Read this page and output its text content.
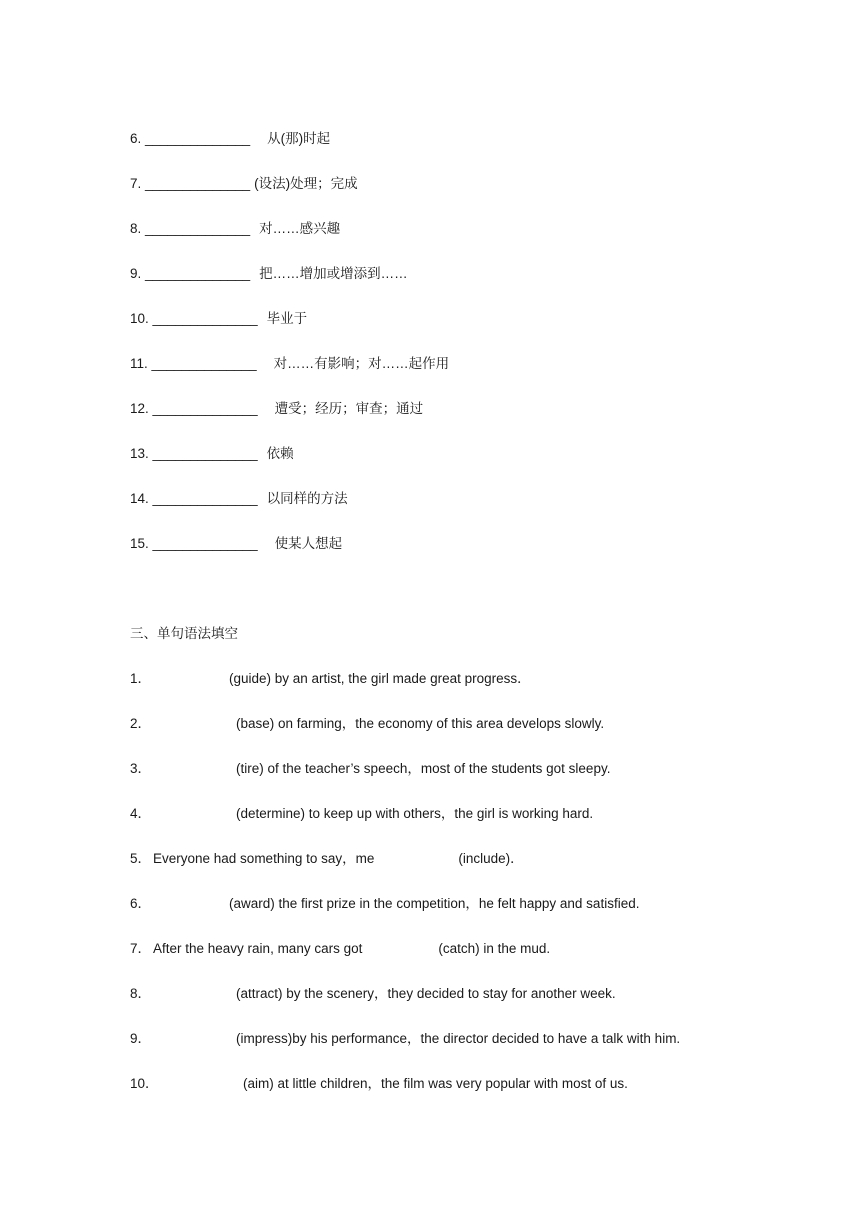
6. ______________ 从(那)时起
7. ______________ (设法)处理；完成
8. ______________ 对……感兴趣
9. ______________ 把……增加或增添到……
10. ______________ 毕业于
11. ______________ 对……有影响；对……起作用
12. ______________ 遭受；经历；审查；通过
13. ______________ 依赖
14. ______________ 以同样的方法
15. ______________ 使某人想起
三、单句语法填空
1．	(guide) by an artist, the girl made great progress．
2．	(base) on farming，the economy of this area develops slowly.
3．	(tire) of the teacher’s speech，most of the students got sleepy.
4．	(determine) to keep up with others，the girl is working hard.
5． Everyone had something to say，me	(include)．
6．	(award) the first prize in the competition，he felt happy and satisfied.
7． After the heavy rain, many cars got	(catch) in the mud.
8．	(attract) by the scenery，they decided to stay for another week.
9．	(impress)by his performance，the director decided to have a talk with him.
10．	(aim) at little children，the film was very popular with most of us.
